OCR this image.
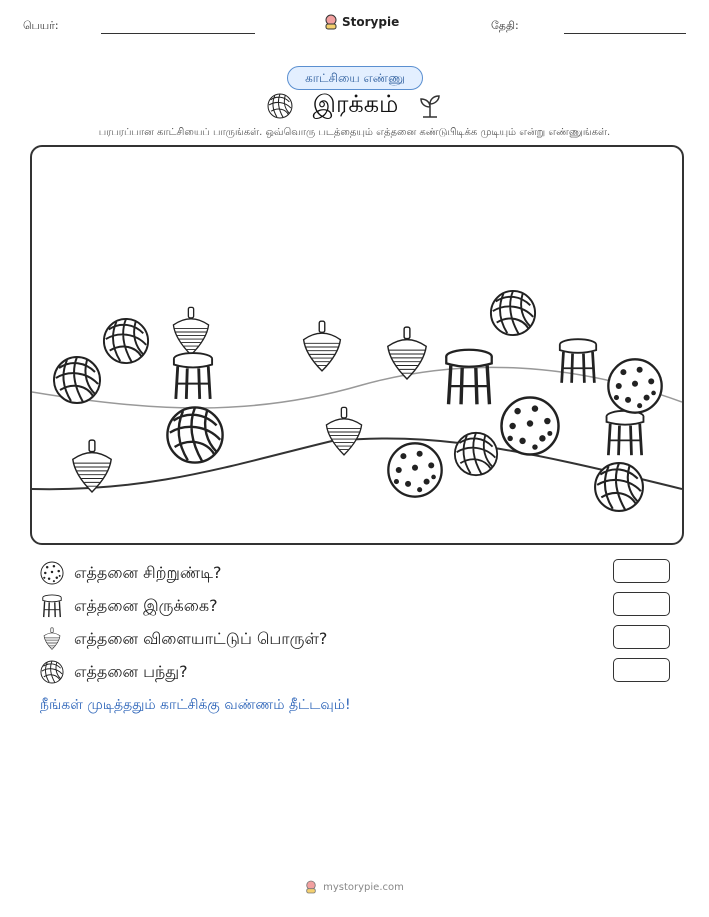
பெயர்:	Storypie	தேதி:
காட்சியை எண்ணு
இரக்கம்
பரபரப்பான காட்சியைப் பாருங்கள். ஒவ்வொரு படத்தையும் எத்தனை கண்டுபிடிக்க முடியும் என்று எண்ணுங்கள்.
எத்தனை சிற்றுண்டி?
எத்தனை இருக்கை?
எத்தனை விளையாட்டுப் பொருள்?
எத்தனை பந்து?
நீங்கள் முடித்ததும் காட்சிக்கு வண்ணம் தீட்டவும்!
mystorypie.com
